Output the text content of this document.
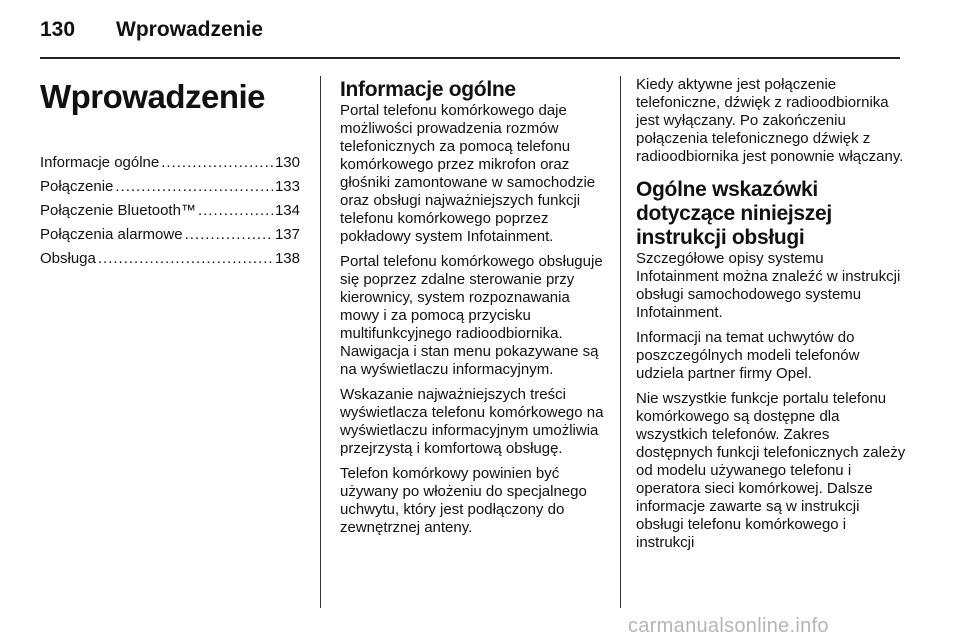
130 Wprowadzenie
Wprowadzenie
Informacje ogólne .....	130
Połączenie .....	133
Połączenie Bluetooth™ .....	134
Połączenia alarmowe .....	137
Obsługa .....	138
Informacje ogólne

Portal telefonu komórkowego daje możliwości prowadzenia rozmów telefonicznych za pomocą telefonu komórkowego przez mikrofon oraz głośniki zamontowane w samochodzie oraz obsługi najważniejszych funkcji telefonu komórkowego poprzez pokładowy system Infotainment.

Portal telefonu komórkowego obsługuje się poprzez zdalne sterowanie przy kierownicy, system rozpoznawania mowy i za pomocą przycisku multifunkcyjnego radioodbiornika. Nawigacja i stan menu pokazywane są na wyświetlaczu informacyjnym.

Wskazanie najważniejszych treści wyświetlacza telefonu komórkowego na wyświetlaczu informacyjnym umożliwia przejrzystą i komfortową obsługę.

Telefon komórkowy powinien być używany po włożeniu do specjalnego uchwytu, który jest podłączony do zewnętrznej anteny.

Kiedy aktywne jest połączenie telefoniczne, dźwięk z radioodbiornika jest wyłączany. Po zakończeniu połączenia telefonicznego dźwięk z radioodbiornika jest ponownie włączany.

Ogólne wskazówki dotyczące niniejszej instrukcji obsługi

Szczegółowe opisy systemu Infotainment można znaleźć w instrukcji obsługi samochodowego systemu Infotainment.

Informacji na temat uchwytów do poszczególnych modeli telefonów udziela partner firmy Opel.

Nie wszystkie funkcje portalu telefonu komórkowego są dostępne dla wszystkich telefonów. Zakres dostępnych funkcji telefonicznych zależy od modelu używanego telefonu i operatora sieci komórkowej. Dalsze informacje zawarte są w instrukcji obsługi telefonu komórkowego i instrukcji

carmanualsonline.info
